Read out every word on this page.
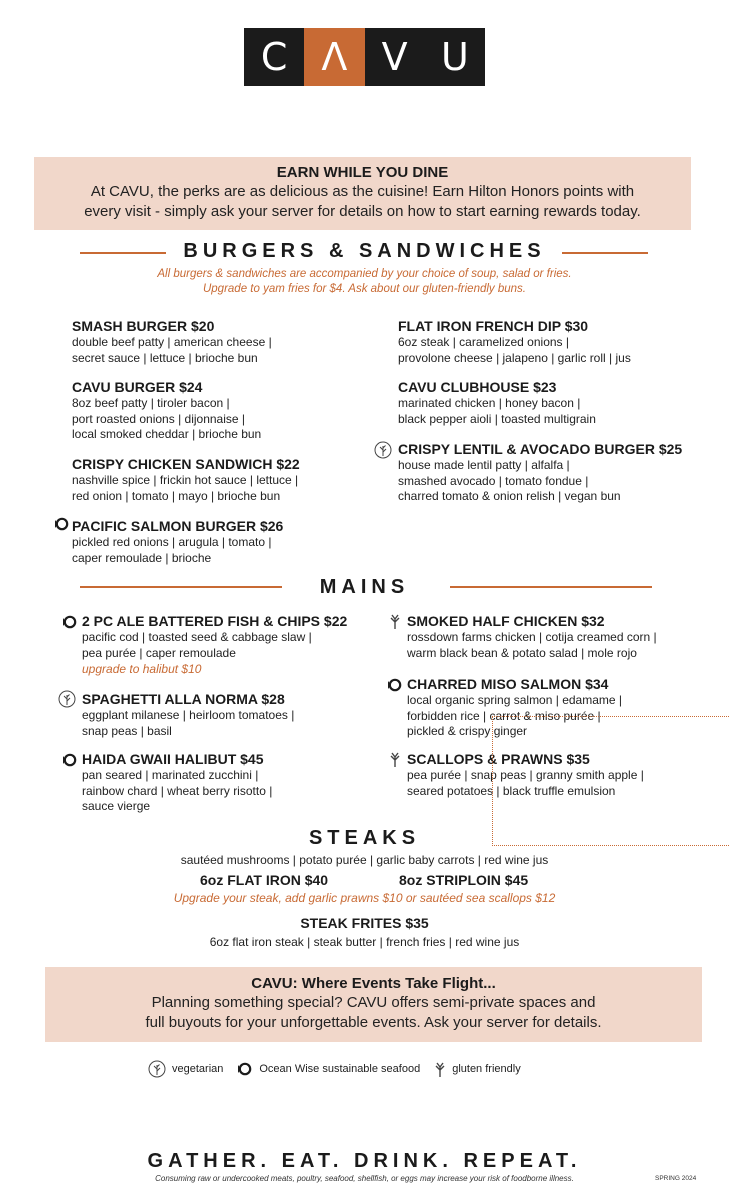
C Λ V U
EARN WHILE YOU DINE
At CAVU, the perks are as delicious as the cuisine! Earn Hilton Honors points with
every visit - simply ask your server for details on how to start earning rewards today.
BURGERS & SANDWICHES
All burgers & sandwiches are accompanied by your choice of soup, salad or fries.
Upgrade to yam fries for $4. Ask about our gluten-friendly buns.
SMASH BURGER $20
double beef patty | american cheese |
secret sauce | lettuce | brioche bun
CAVU BURGER $24
8oz beef patty | tiroler bacon |
port roasted onions | dijonnaise |
local smoked cheddar | brioche bun
CRISPY CHICKEN SANDWICH $22
nashville spice | frickin hot sauce | lettuce |
red onion | tomato | mayo | brioche bun
PACIFIC SALMON BURGER $26
pickled red onions | arugula | tomato |
caper remoulade | brioche
FLAT IRON FRENCH DIP $30
6oz steak | caramelized onions |
provolone cheese | jalapeno | garlic roll | jus
CAVU CLUBHOUSE $23
marinated chicken | honey bacon |
black pepper aioli | toasted multigrain
CRISPY LENTIL & AVOCADO BURGER $25
house made lentil patty | alfalfa |
smashed avocado | tomato fondue |
charred tomato & onion relish | vegan bun
MAINS
2 PC ALE BATTERED FISH & CHIPS $22
pacific cod | toasted seed & cabbage slaw |
pea purée | caper remoulade
upgrade to halibut $10
SPAGHETTI ALLA NORMA $28
eggplant milanese | heirloom tomatoes |
snap peas | basil
HAIDA GWAII HALIBUT $45
pan seared | marinated zucchini |
rainbow chard | wheat berry risotto |
sauce vierge
SMOKED HALF CHICKEN $32
rossdown farms chicken | cotija creamed corn |
warm black bean & potato salad | mole rojo
CHARRED MISO SALMON $34
local organic spring salmon | edamame |
forbidden rice | carrot & miso purée |
pickled & crispy ginger
SCALLOPS & PRAWNS $35
pea purée | snap peas | granny smith apple |
seared potatoes | black truffle emulsion
STEAKS
sautéed mushrooms | potato purée | garlic baby carrots | red wine jus
6oz FLAT IRON $40	8oz STRIPLOIN $45
Upgrade your steak, add garlic prawns $10 or sautéed sea scallops $12
STEAK FRITES $35
6oz flat iron steak | steak butter | french fries | red wine jus
CAVU: Where Events Take Flight...
Planning something special? CAVU offers semi-private spaces and
full buyouts for your unforgettable events. Ask your server for details.
vegetarian	Ocean Wise sustainable seafood	gluten friendly
GATHER. EAT. DRINK. REPEAT.
Consuming raw or undercooked meats, poultry, seafood, shellfish, or eggs may increase your risk of foodborne illness.	SPRING 2024
